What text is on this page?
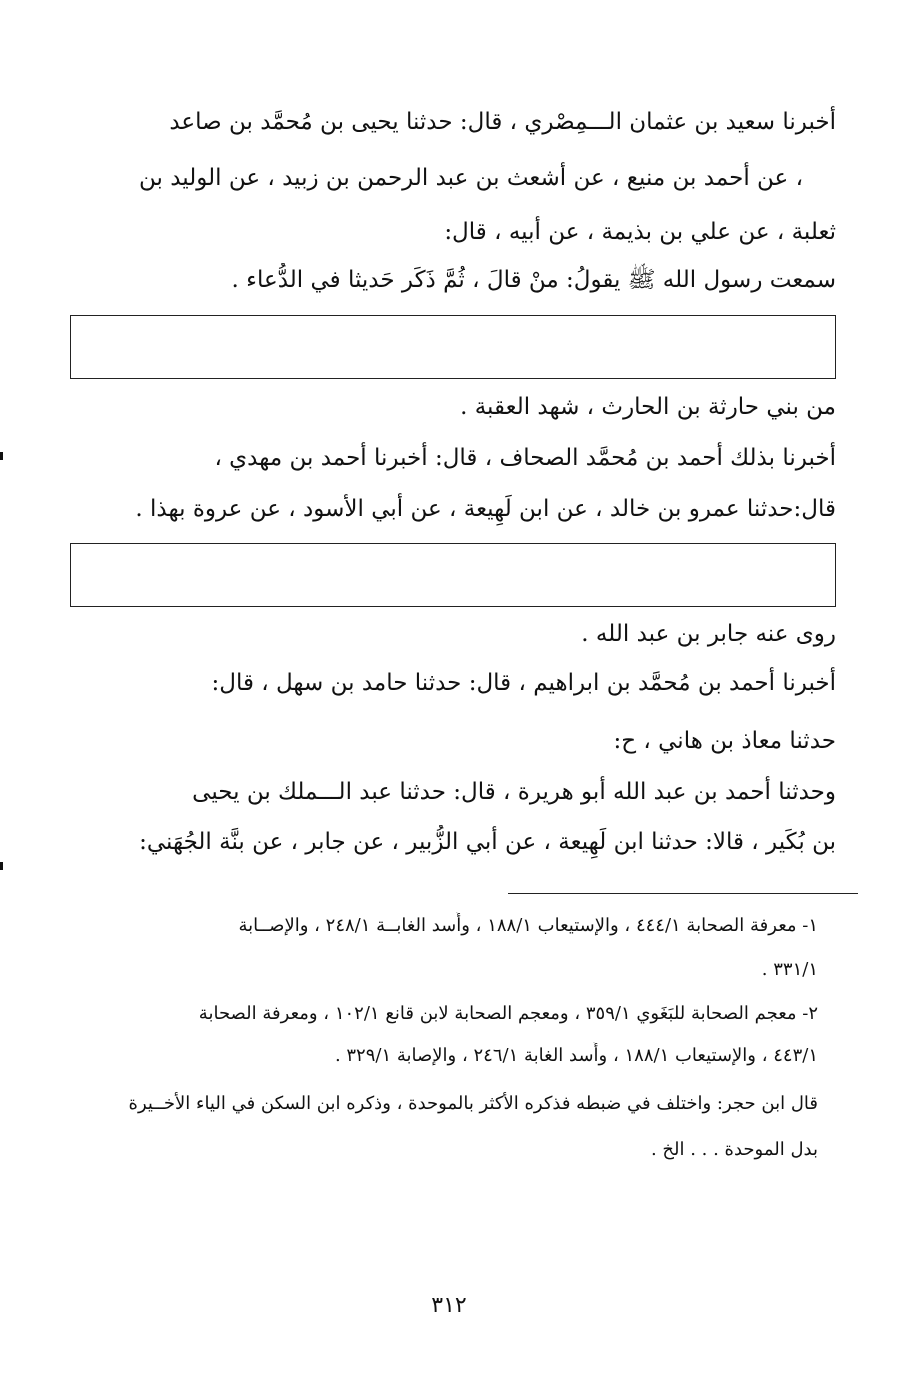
أخبرنا سعيد بن عثمان الـــمِصْري ، قال: حدثنا يحيى بن مُحمَّد بن صاعد
، عن أحمد بن منيع ، عن أشعث بن عبد الرحمن بن زبيد ، عن الوليد بن
ثعلبة ، عن علي بن بذيمة ، عن أبيه ، قال:
سمعت رسول الله ﷺ يقولُ: منْ قالَ ، ثُمَّ ذَكَر حَديثا في الدُّعاء .
من بني حارثة بن الحارث ، شهد العقبة .
أخبرنا بذلك أحمد بن مُحمَّد الصحاف ، قال: أخبرنا أحمد بن مهدي ،
قال:حدثنا عمرو بن خالد ، عن ابن لَهِيعة ، عن أبي الأسود ، عن عروة بهذا .
روى عنه جابر بن عبد الله .
أخبرنا أحمد بن مُحمَّد بن ابراهيم ، قال: حدثنا حامد بن سهل ، قال:
حدثنا معاذ بن هاني ، ح:
وحدثنا أحمد بن عبد الله أبو هريرة ، قال: حدثنا عبد الـــملك بن يحيى
بن بُكَير ، قالا: حدثنا ابن لَهِيعة ، عن أبي الزُّبير ، عن جابر ، عن بنَّة الجُهَني:
١- معرفة الصحابة ٤٤٤/١ ، والإستيعاب ١٨٨/١ ، وأُسد الغابــة ٢٤٨/١ ، والإصــابة
٣٣١/١ .
٢- معجم الصحابة للبَغَوي ٣٥٩/١ ، ومعجم الصحابة لابن قانع ١٠٢/١ ، ومعرفة الصحابة
٤٤٣/١ ، والإستيعاب ١٨٨/١ ، وأُسد الغابة ٢٤٦/١ ، والإصابة ٣٢٩/١ .
قال ابن حجر: واختلف في ضبطه فذكره الأكثر بالموحدة ، وذكره ابن السكن في الياء الأخــيرة
بدل الموحدة . . . الخ .
٣١٢
